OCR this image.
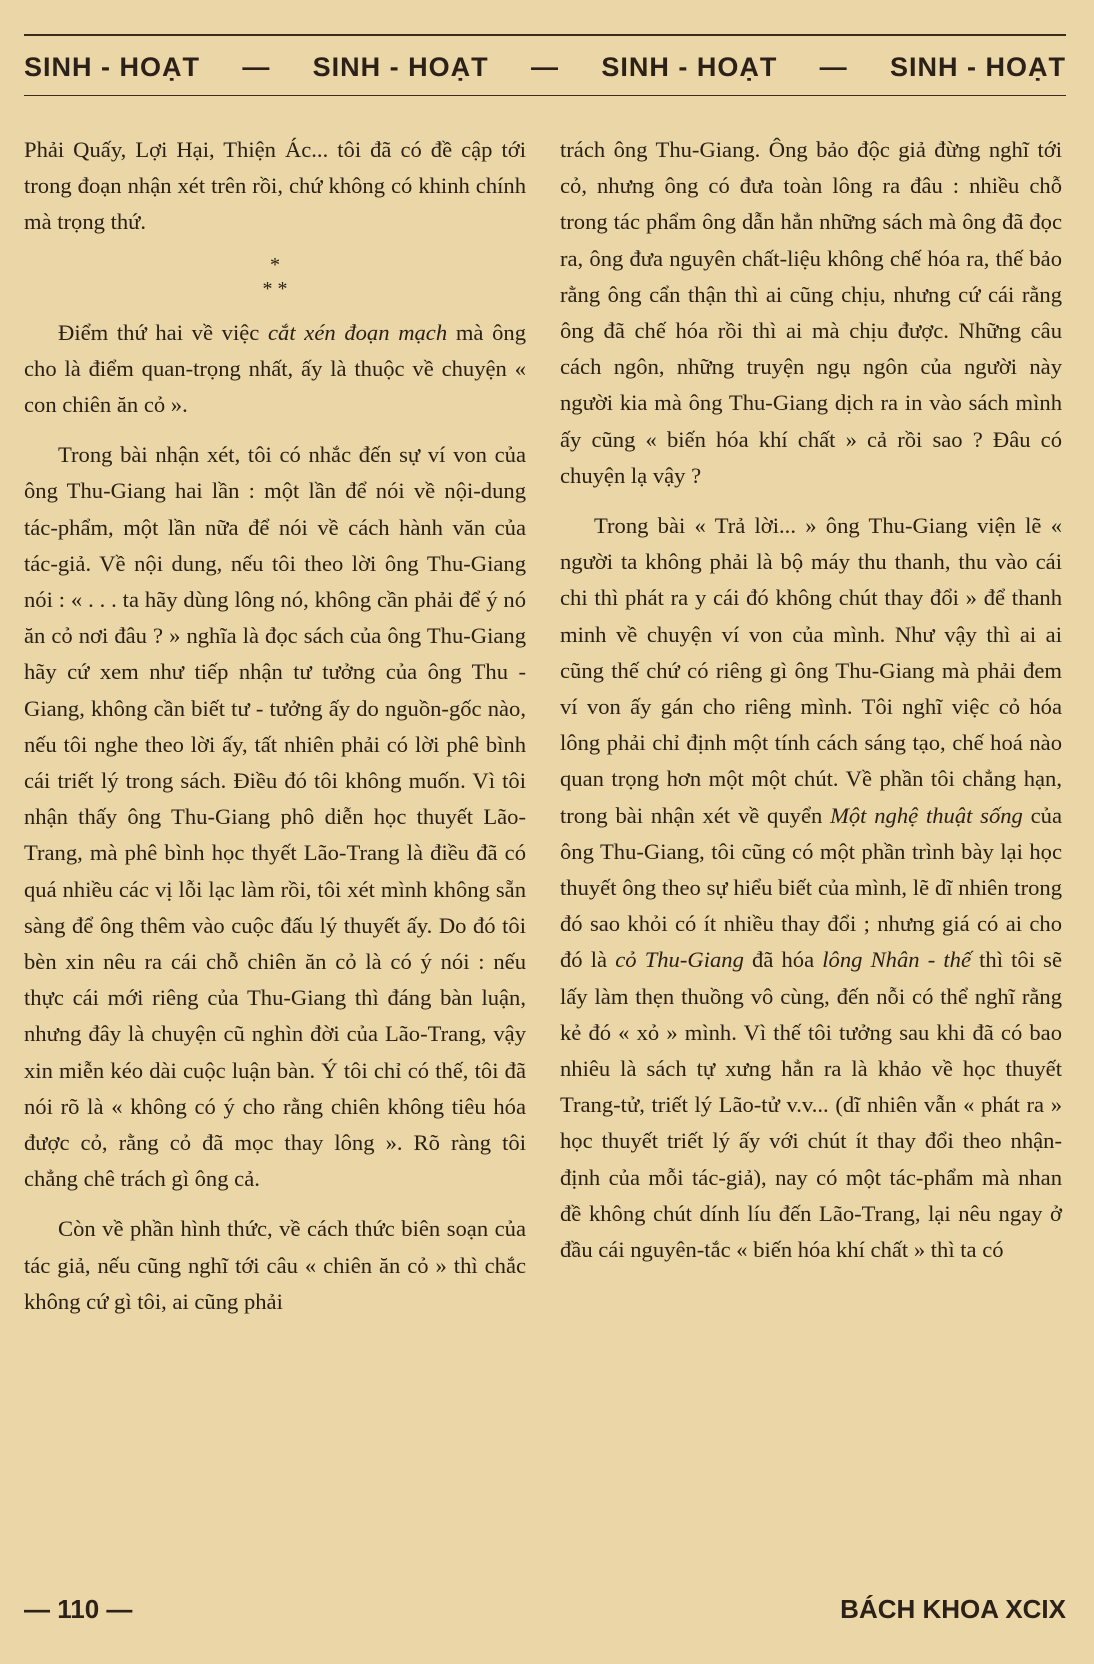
SINH - HOẠT — SINH - HOẠT — SINH - HOẠT — SINH - HOẠT

Phải Quấy, Lợi Hại, Thiện Ác... tôi đã có đề cập tới trong đoạn nhận xét trên rồi, chứ không có khinh chính mà trọng thứ.

*
* *

Điểm thứ hai về việc cắt xén đoạn mạch mà ông cho là điểm quan-trọng nhất, ấy là thuộc về chuyện « con chiên ăn cỏ ».

Trong bài nhận xét, tôi có nhắc đến sự ví von của ông Thu-Giang hai lần : một lần để nói về nội-dung tác-phẩm, một lần nữa để nói về cách hành văn của tác-giả. Về nội dung, nếu tôi theo lời ông Thu-Giang nói : « . . . ta hãy dùng lông nó, không cần phải để ý nó ăn cỏ nơi đâu ? » nghĩa là đọc sách của ông Thu-Giang hãy cứ xem như tiếp nhận tư tưởng của ông Thu - Giang, không cần biết tư - tưởng ấy do nguồn-gốc nào, nếu tôi nghe theo lời ấy, tất nhiên phải có lời phê bình cái triết lý trong sách. Điều đó tôi không muốn. Vì tôi nhận thấy ông Thu-Giang phô diễn học thuyết Lão-Trang, mà phê bình học thyết Lão-Trang là điều đã có quá nhiều các vị lỗi lạc làm rồi, tôi xét mình không sẵn sàng để ông thêm vào cuộc đấu lý thuyết ấy. Do đó tôi bèn xin nêu ra cái chỗ chiên ăn cỏ là có ý nói : nếu thực cái mới riêng của Thu-Giang thì đáng bàn luận, nhưng đây là chuyện cũ nghìn đời của Lão-Trang, vậy xin miễn kéo dài cuộc luận bàn. Ý tôi chỉ có thế, tôi đã nói rõ là « không có ý cho rằng chiên không tiêu hóa được cỏ, rằng cỏ đã mọc thay lông ». Rõ ràng tôi chẳng chê trách gì ông cả.

Còn về phần hình thức, về cách thức biên soạn của tác giả, nếu cũng nghĩ tới câu « chiên ăn cỏ » thì chắc không cứ gì tôi, ai cũng phải

trách ông Thu-Giang. Ông bảo độc giả đừng nghĩ tới cỏ, nhưng ông có đưa toàn lông ra đâu : nhiều chỗ trong tác phẩm ông dẫn hẳn những sách mà ông đã đọc ra, ông đưa nguyên chất-liệu không chế hóa ra, thế bảo rằng ông cẩn thận thì ai cũng chịu, nhưng cứ cái rằng ông đã chế hóa rồi thì ai mà chịu được. Những câu cách ngôn, những truyện ngụ ngôn của người này người kia mà ông Thu-Giang dịch ra in vào sách mình ấy cũng « biến hóa khí chất » cả rồi sao ? Đâu có chuyện lạ vậy ?

Trong bài « Trả lời... » ông Thu-Giang viện lẽ « người ta không phải là bộ máy thu thanh, thu vào cái chi thì phát ra y cái đó không chút thay đổi » để thanh minh về chuyện ví von của mình. Như vậy thì ai ai cũng thế chứ có riêng gì ông Thu-Giang mà phải đem ví von ấy gán cho riêng mình. Tôi nghĩ việc cỏ hóa lông phải chỉ định một tính cách sáng tạo, chế hoá nào quan trọng hơn một một chút. Về phần tôi chẳng hạn, trong bài nhận xét về quyển Một nghệ thuật sống của ông Thu-Giang, tôi cũng có một phần trình bày lại học thuyết ông theo sự hiểu biết của mình, lẽ dĩ nhiên trong đó sao khỏi có ít nhiều thay đổi ; nhưng giá có ai cho đó là cỏ Thu-Giang đã hóa lông Nhân - thế thì tôi sẽ lấy làm thẹn thuồng vô cùng, đến nỗi có thể nghĩ rằng kẻ đó « xỏ » mình. Vì thế tôi tưởng sau khi đã có bao nhiêu là sách tự xưng hẳn ra là khảo về học thuyết Trang-tử, triết lý Lão-tử v.v... (dĩ nhiên vẫn « phát ra » học thuyết triết lý ấy với chút ít thay đổi theo nhận-định của mỗi tác-giả), nay có một tác-phẩm mà nhan đề không chút dính líu đến Lão-Trang, lại nêu ngay ở đầu cái nguyên-tắc « biến hóa khí chất » thì ta có

— 110 —	BÁCH KHOA XCIX
